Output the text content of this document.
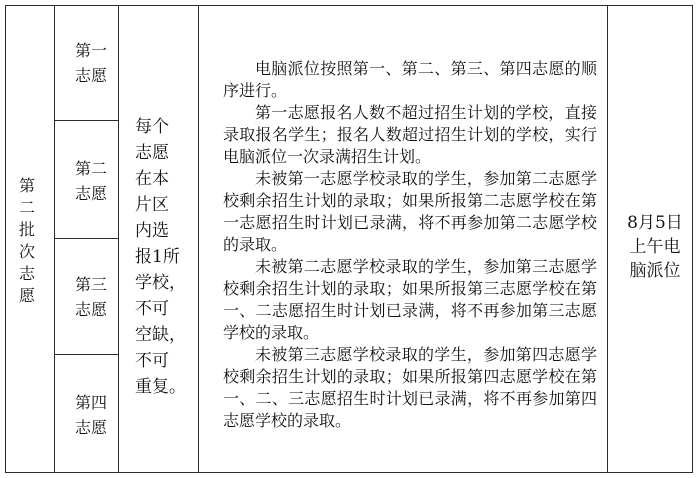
第二批次志愿
第一志愿
第二志愿
第三志愿
第四志愿
每个
志愿
在本
片区
内选
报1所
学校，
不可
空缺，
不可
重复。

电脑派位按照第一、第二、第三、第四志愿的顺序进行。

第一志愿报名人数不超过招生计划的学校，直接录取报名学生；报名人数超过招生计划的学校，实行电脑派位一次录满招生计划。

未被第一志愿学校录取的学生，参加第二志愿学校剩余招生计划的录取；如果所报第二志愿学校在第一志愿招生时计划已录满，将不再参加第二志愿学校的录取。

未被第二志愿学校录取的学生，参加第三志愿学校剩余招生计划的录取；如果所报第三志愿学校在第一、二志愿招生时计划已录满，将不再参加第三志愿学校的录取。

未被第三志愿学校录取的学生，参加第四志愿学校剩余招生计划的录取；如果所报第四志愿学校在第一、二、三志愿招生时计划已录满，将不再参加第四志愿学校的录取。

8月5日
上午电
脑派位
